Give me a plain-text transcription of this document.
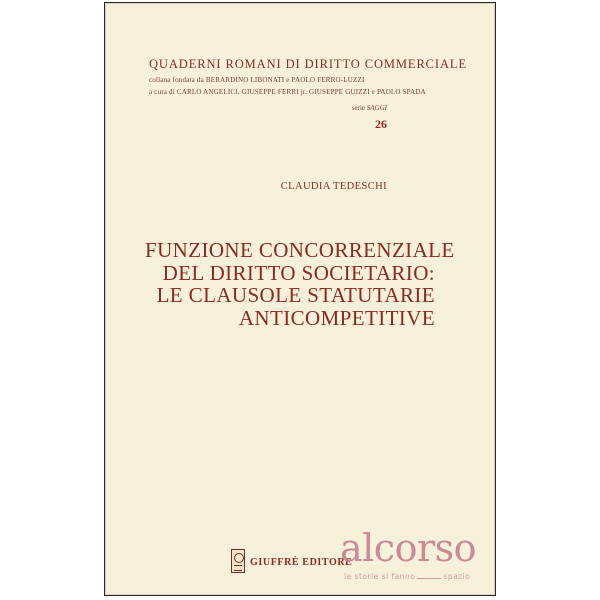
QUADERNI ROMANI DI DIRITTO COMMERCIALE
collana fondata da BERARDINO LIBONATI e PAOLO FERRO-LUZZI
a cura di CARLO ANGELICI, GIUSEPPE FERRI jr, GIUSEPPE GUIZZI e PAOLO SPADA
serie SAGGI
26
CLAUDIA TEDESCHI
FUNZIONE CONCORRENZIALE
DEL DIRITTO SOCIETARIO:
LE CLAUSOLE STATUTARIE
ANTICOMPETITIVE
GIUFFRÈ EDITORE
alcorso
le storie si fanno	spazio
